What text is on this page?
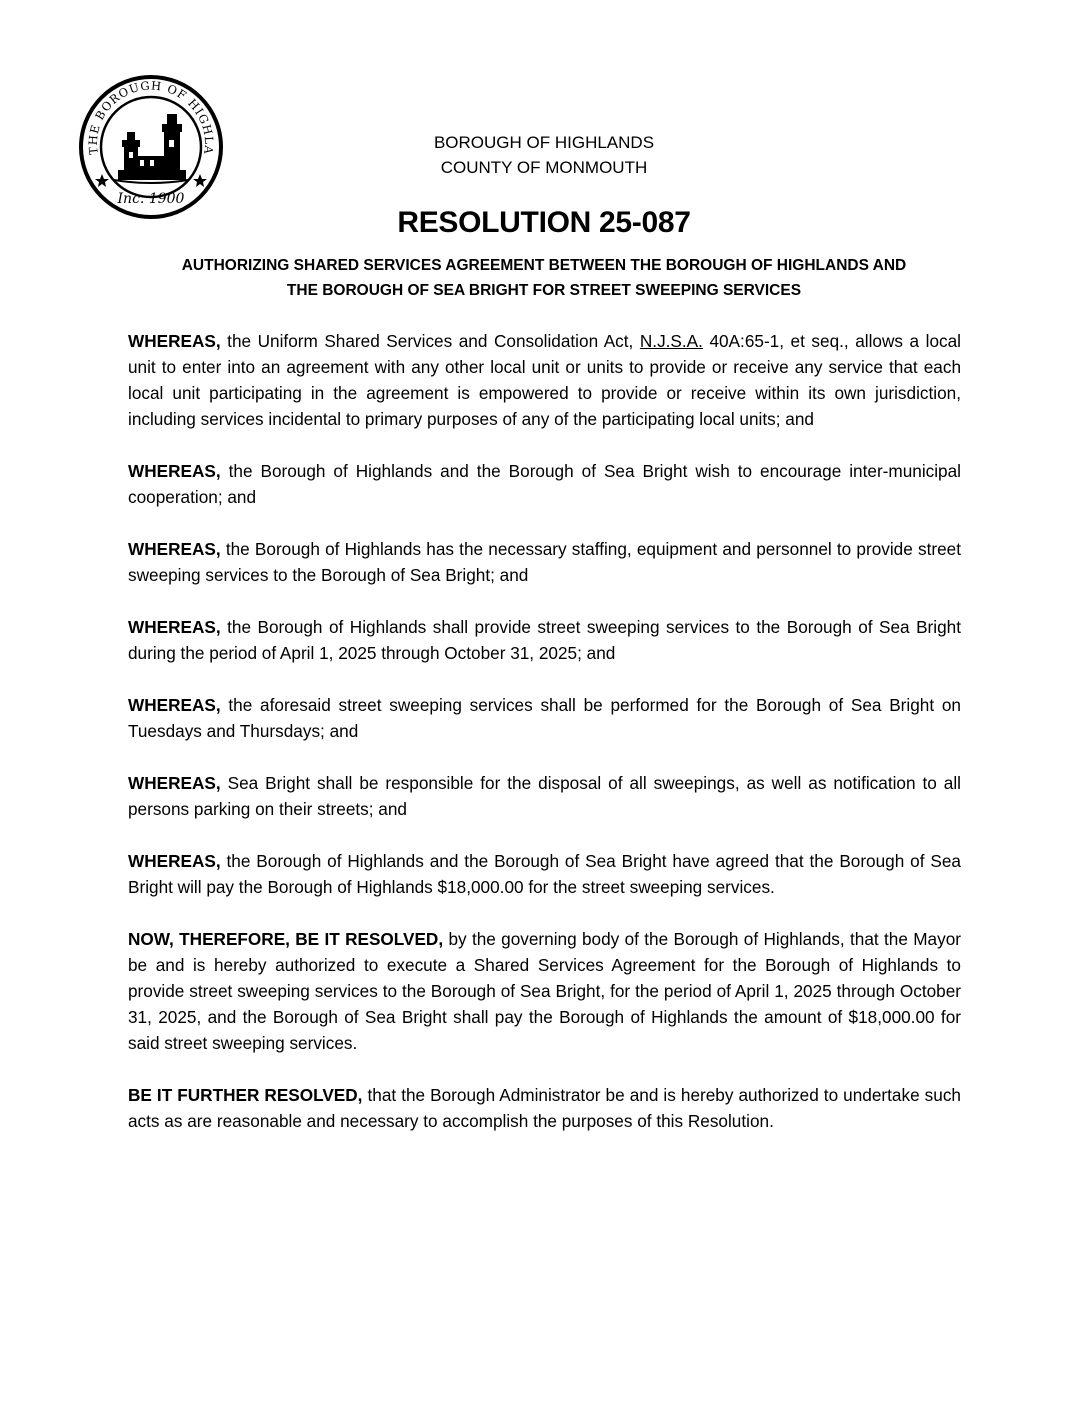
THE BOROUGH OF HIGHLA
Inc. 1900
BOROUGH OF HIGHLANDS
COUNTY OF MONMOUTH
RESOLUTION 25-087
AUTHORIZING SHARED SERVICES AGREEMENT BETWEEN THE BOROUGH OF HIGHLANDS AND
THE BOROUGH OF SEA BRIGHT FOR STREET SWEEPING SERVICES

WHEREAS, the Uniform Shared Services and Consolidation Act, N.J.S.A. 40A:65-1, et seq., allows a local unit to enter into an agreement with any other local unit or units to provide or receive any service that each local unit participating in the agreement is empowered to provide or receive within its own jurisdiction, including services incidental to primary purposes of any of the participating local units; and

WHEREAS, the Borough of Highlands and the Borough of Sea Bright wish to encourage inter-municipal cooperation; and

WHEREAS, the Borough of Highlands has the necessary staffing, equipment and personnel to provide street sweeping services to the Borough of Sea Bright; and

WHEREAS, the Borough of Highlands shall provide street sweeping services to the Borough of Sea Bright during the period of April 1, 2025 through October 31, 2025; and

WHEREAS, the aforesaid street sweeping services shall be performed for the Borough of Sea Bright on Tuesdays and Thursdays; and

WHEREAS, Sea Bright shall be responsible for the disposal of all sweepings, as well as notification to all persons parking on their streets; and

WHEREAS, the Borough of Highlands and the Borough of Sea Bright have agreed that the Borough of Sea Bright will pay the Borough of Highlands $18,000.00 for the street sweeping services.

NOW, THEREFORE, BE IT RESOLVED, by the governing body of the Borough of Highlands, that the Mayor be and is hereby authorized to execute a Shared Services Agreement for the Borough of Highlands to provide street sweeping services to the Borough of Sea Bright, for the period of April 1, 2025 through October 31, 2025, and the Borough of Sea Bright shall pay the Borough of Highlands the amount of $18,000.00 for said street sweeping services.

BE IT FURTHER RESOLVED, that the Borough Administrator be and is hereby authorized to undertake such acts as are reasonable and necessary to accomplish the purposes of this Resolution.
